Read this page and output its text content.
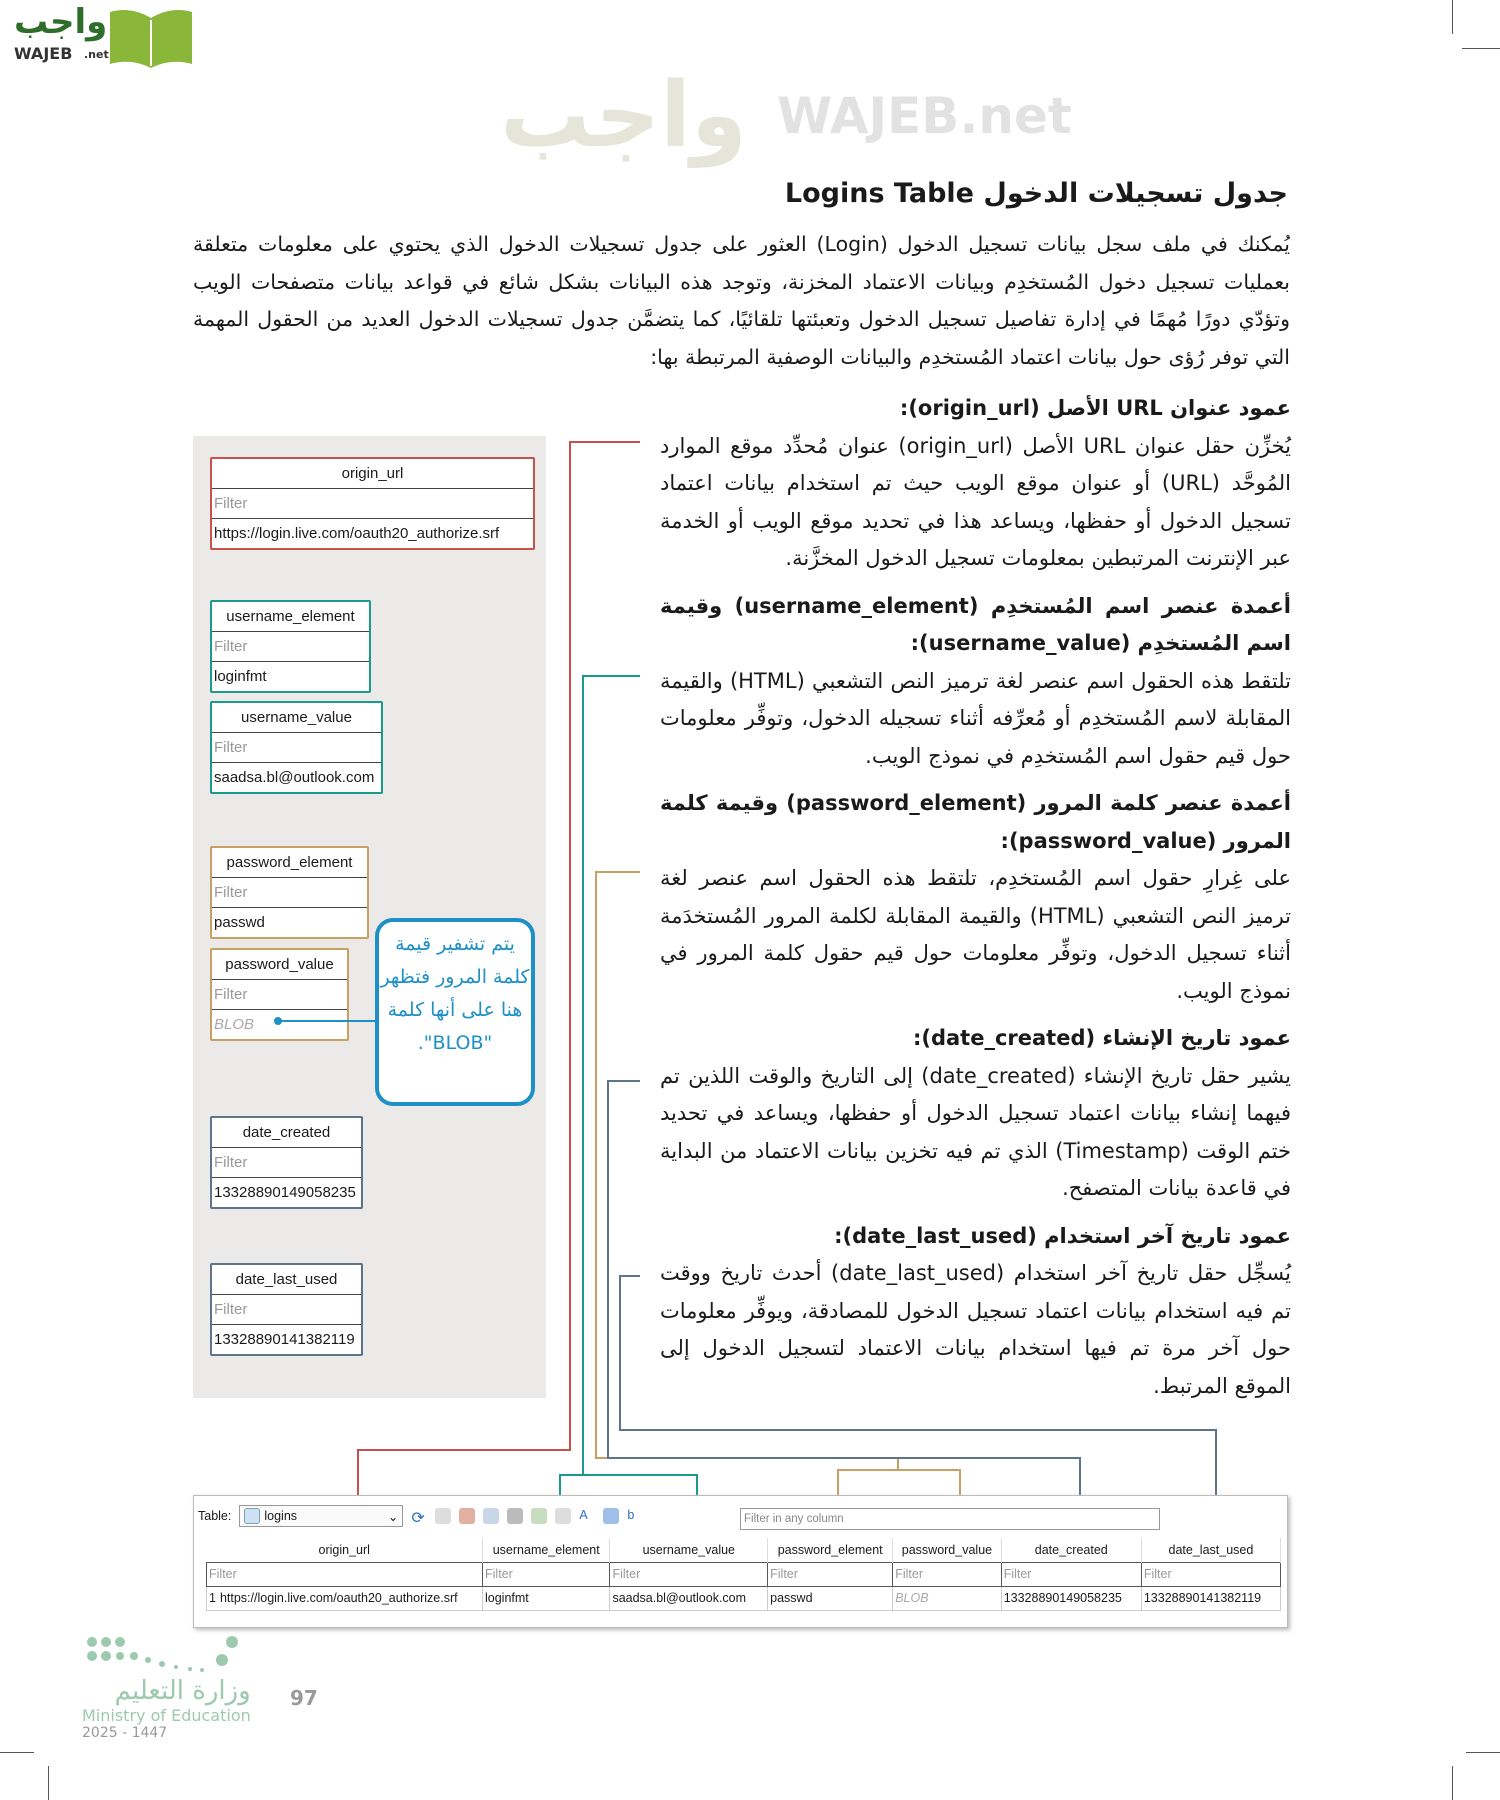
واجب
WAJEB .net
واجب WAJEB.net
جدول تسجيلات الدخول Logins Table
يُمكنك في ملف سجل بيانات تسجيل الدخول (Login) العثور على جدول تسجيلات الدخول الذي يحتوي على معلومات متعلقة بعمليات تسجيل دخول المُستخدِم وبيانات الاعتماد المخزنة، وتوجد هذه البيانات بشكل شائع في قواعد بيانات متصفحات الويب وتؤدّي دورًا مُهمًا في إدارة تفاصيل تسجيل الدخول وتعبئتها تلقائيًا، كما يتضمَّن جدول تسجيلات الدخول العديد من الحقول المهمة التي توفر رُؤى حول بيانات اعتماد المُستخدِم والبيانات الوصفية المرتبطة بها:
origin_url
Filter
https://login.live.com/oauth20_authorize.srf
username_element
Filter
loginfmt
username_value
Filter
saadsa.bl@outlook.com
password_element
Filter
passwd
password_value
Filter
BLOB
date_created
Filter
13328890149058235
date_last_used
Filter
13328890141382119
يتم تشفير قيمة كلمة المرور فتظهر هنا على أنها كلمة "BLOB".
عمود عنوان URL الأصل (origin_url):

يُخزِّن حقل عنوان URL الأصل (origin_url) عنوان مُحدِّد موقع الموارد المُوحَّد (URL) أو عنوان موقع الويب حيث تم استخدام بيانات اعتماد تسجيل الدخول أو حفظها، ويساعد هذا في تحديد موقع الويب أو الخدمة عبر الإنترنت المرتبطين بمعلومات تسجيل الدخول المخزَّنة.

أعمدة عنصر اسم المُستخدِم (username_element) وقيمة اسم المُستخدِم (username_value):

تلتقط هذه الحقول اسم عنصر لغة ترميز النص التشعبي (HTML) والقيمة المقابلة لاسم المُستخدِم أو مُعرِّفه أثناء تسجيله الدخول، وتوفِّر معلومات حول قيم حقول اسم المُستخدِم في نموذج الويب.

أعمدة عنصر كلمة المرور (password_element) وقيمة كلمة المرور (password_value):

على غِرارِ حقول اسم المُستخدِم، تلتقط هذه الحقول اسم عنصر لغة ترميز النص التشعبي (HTML) والقيمة المقابلة لكلمة المرور المُستخدَمة أثناء تسجيل الدخول، وتوفِّر معلومات حول قيم حقول كلمة المرور في نموذج الويب.

عمود تاريخ الإنشاء (date_created):

يشير حقل تاريخ الإنشاء (date_created) إلى التاريخ والوقت اللذين تم فيهما إنشاء بيانات اعتماد تسجيل الدخول أو حفظها، ويساعد في تحديد ختم الوقت (Timestamp) الذي تم فيه تخزين بيانات الاعتماد من البداية في قاعدة بيانات المتصفح.

عمود تاريخ آخر استخدام (date_last_used):

يُسجِّل حقل تاريخ آخر استخدام (date_last_used) أحدث تاريخ ووقت تم فيه استخدام بيانات اعتماد تسجيل الدخول للمصادقة، ويوفِّر معلومات حول آخر مرة تم فيها استخدام بيانات الاعتماد لتسجيل الدخول إلى الموقع المرتبط.

Table:	logins	⌄ ⟳	A	b	Filter in any column
origin_url	username_element	username_value	password_element	password_value	date_created	date_last_used
Filter	Filter	Filter	Filter	Filter	Filter	Filter
1 https://login.live.com/oauth20_authorize.srf	loginfmt	saadsa.bl@outlook.com	passwd	BLOB	13328890149058235	13328890141382119
وزارة التعليم
Ministry of Education
2025 - 1447
97
